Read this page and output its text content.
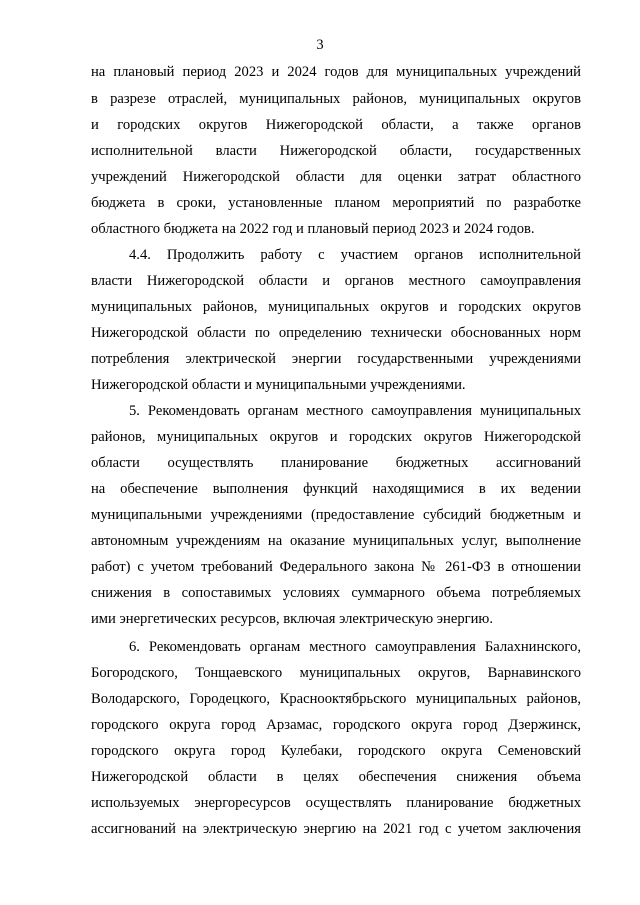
3
на плановый период 2023 и 2024 годов для муниципальных учреждений
в разрезе отраслей, муниципальных районов, муниципальных округов
и городских округов Нижегородской области, а также органов
исполнительной власти Нижегородской области, государственных
учреждений Нижегородской области для оценки затрат областного
бюджета в сроки, установленные планом мероприятий по разработке
областного бюджета на 2022 год и плановый период 2023 и 2024 годов.
4.4. Продолжить работу с участием органов исполнительной
власти Нижегородской области и органов местного самоуправления
муниципальных районов, муниципальных округов и городских округов
Нижегородской области по определению технически обоснованных норм
потребления электрической энергии государственными учреждениями
Нижегородской области и муниципальными учреждениями.
5. Рекомендовать органам местного самоуправления муниципальных
районов, муниципальных округов и городских округов Нижегородской
области осуществлять планирование бюджетных ассигнований
на обеспечение выполнения функций находящимися в их ведении
муниципальными учреждениями (предоставление субсидий бюджетным и
автономным учреждениям на оказание муниципальных услуг, выполнение
работ) с учетом требований Федерального закона № 261-ФЗ в отношении
снижения в сопоставимых условиях суммарного объема потребляемых
ими энергетических ресурсов, включая электрическую энергию.
6. Рекомендовать органам местного самоуправления Балахнинского,
Богородского, Тонщаевского муниципальных округов, Варнавинского
Володарского, Городецкого, Краснооктябрьского муниципальных районов,
городского округа город Арзамас, городского округа город Дзержинск,
городского округа город Кулебаки, городского округа Семеновский
Нижегородской области в целях обеспечения снижения объема
используемых энергоресурсов осуществлять планирование бюджетных
ассигнований на электрическую энергию на 2021 год с учетом заключения
